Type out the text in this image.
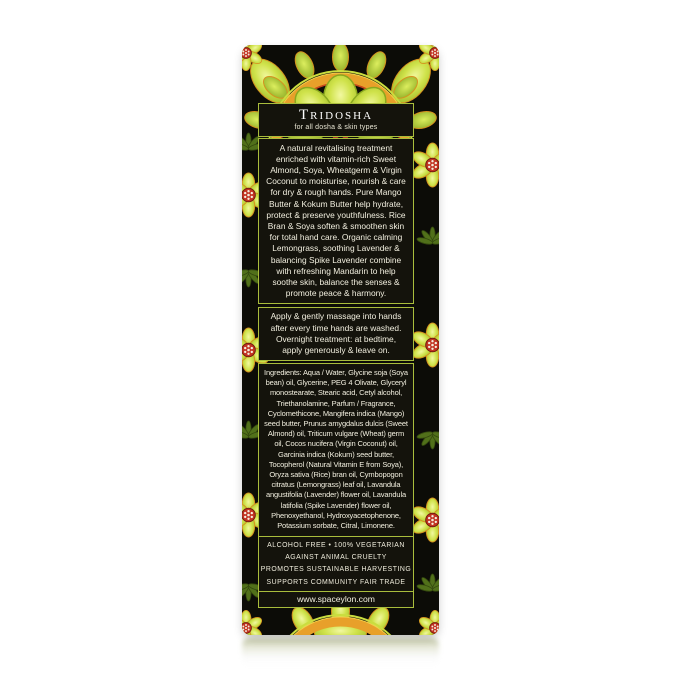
Tridosha
for all dosha & skin types

A natural revitalising treatment enriched with vitamin-rich Sweet Almond, Soya, Wheatgerm & Virgin Coconut to moisturise, nourish & care for dry & rough hands. Pure Mango Butter & Kokum Butter help hydrate, protect & preserve youthfulness. Rice Bran & Soya soften & smoothen skin for total hand care. Organic calming Lemongrass, soothing Lavender & balancing Spike Lavender combine with refreshing Mandarin to help soothe skin, balance the senses & promote peace & harmony.

Apply & gently massage into hands after every time hands are washed. Overnight treatment: at bedtime, apply generously & leave on.

Ingredients: Aqua / Water, Glycine soja (Soya bean) oil, Glycerine, PEG 4 Olivate, Glyceryl monostearate, Stearic acid, Cetyl alcohol, Triethanolamine, Parfum / Fragrance, Cyclomethicone, Mangifera indica (Mango) seed butter, Prunus amygdalus dulcis (Sweet Almond) oil, Triticum vulgare (Wheat) germ oil, Cocos nucifera (Virgin Coconut) oil, Garcinia indica (Kokum) seed butter, Tocopherol (Natural Vitamin E from Soya), Oryza sativa (Rice) bran oil, Cymbopogon citratus (Lemongrass) leaf oil, Lavandula angustifolia (Lavender) flower oil, Lavandula latifolia (Spike Lavender) flower oil, Phenoxyethanol, Hydroxyacetophenone, Potassium sorbate, Citral, Limonene.

ALCOHOL FREE • 100% VEGETARIAN
AGAINST ANIMAL CRUELTY
PROMOTES SUSTAINABLE HARVESTING
SUPPORTS COMMUNITY FAIR TRADE
www.spaceylon.com
